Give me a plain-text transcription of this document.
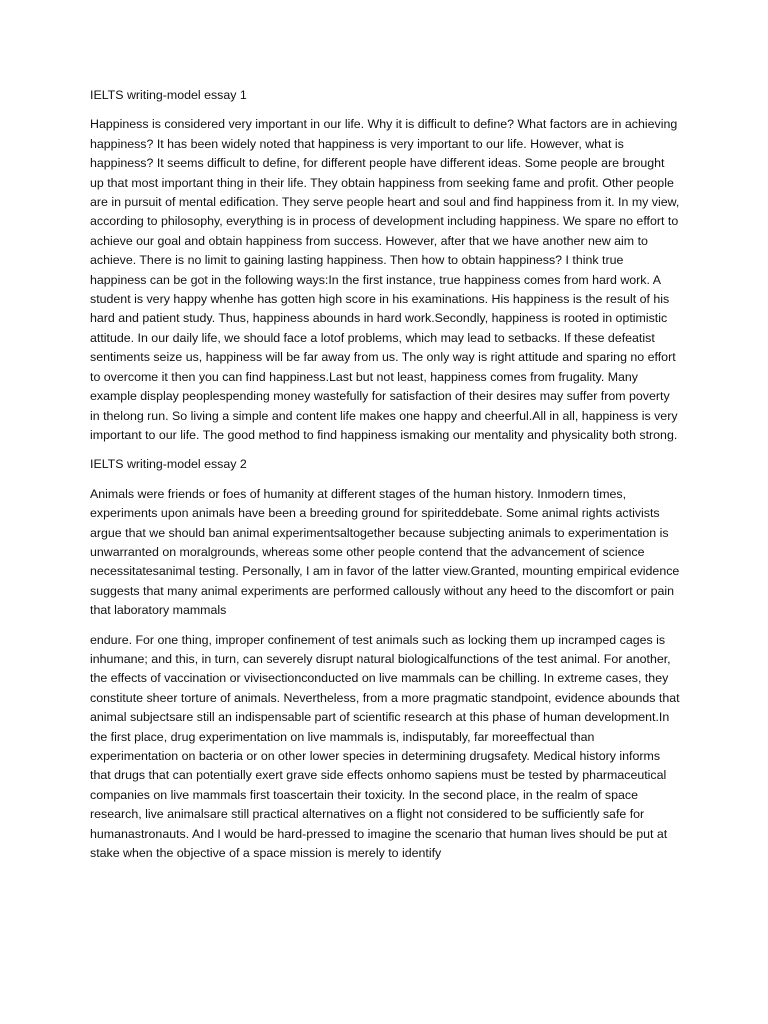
IELTS writing-model essay 1

Happiness is considered very important in our life. Why it is difficult to define? What factors are in achieving happiness? It has been widely noted that happiness is very important to our life. However, what is happiness? It seems difficult to define, for different people have different ideas. Some people are brought up that most important thing in their life. They obtain happiness from seeking fame and profit. Other people are in pursuit of mental edification. They serve people heart and soul and find happiness from it. In my view, according to philosophy, everything is in process of development including happiness. We spare no effort to achieve our goal and obtain happiness from success. However, after that we have another new aim to achieve. There is no limit to gaining lasting happiness. Then how to obtain happiness? I think true happiness can be got in the following ways:In the first instance, true happiness comes from hard work. A student is very happy whenhe has gotten high score in his examinations. His happiness is the result of his hard and patient study. Thus, happiness abounds in hard work.Secondly, happiness is rooted in optimistic attitude. In our daily life, we should face a lotof problems, which may lead to setbacks. If these defeatist sentiments seize us, happiness will be far away from us. The only way is right attitude and sparing no effort to overcome it then you can find happiness.Last but not least, happiness comes from frugality. Many example display peoplespending money wastefully for satisfaction of their desires may suffer from poverty in thelong run. So living a simple and content life makes one happy and cheerful.All in all, happiness is very important to our life. The good method to find happiness ismaking our mentality and physicality both strong.

IELTS writing-model essay 2

Animals were friends or foes of humanity at different stages of the human history. Inmodern times, experiments upon animals have been a breeding ground for spiriteddebate. Some animal rights activists argue that we should ban animal experimentsaltogether because subjecting animals to experimentation is unwarranted on moralgrounds, whereas some other people contend that the advancement of science necessitatesanimal testing. Personally, I am in favor of the latter view.Granted, mounting empirical evidence suggests that many animal experiments are performed callously without any heed to the discomfort or pain that laboratory mammals

endure. For one thing, improper confinement of test animals such as locking them up incramped cages is inhumane; and this, in turn, can severely disrupt natural biologicalfunctions of the test animal. For another, the effects of vaccination or vivisectionconducted on live mammals can be chilling. In extreme cases, they constitute sheer torture of animals. Nevertheless, from a more pragmatic standpoint, evidence abounds that animal subjectsare still an indispensable part of scientific research at this phase of human development.In the first place, drug experimentation on live mammals is, indisputably, far moreeffectual than experimentation on bacteria or on other lower species in determining drugsafety. Medical history informs that drugs that can potentially exert grave side effects onhomo sapiens must be tested by pharmaceutical companies on live mammals first toascertain their toxicity. In the second place, in the realm of space research, live animalsare still practical alternatives on a flight not considered to be sufficiently safe for humanastronauts. And I would be hard-pressed to imagine the scenario that human lives should be put at stake when the objective of a space mission is merely to identify
